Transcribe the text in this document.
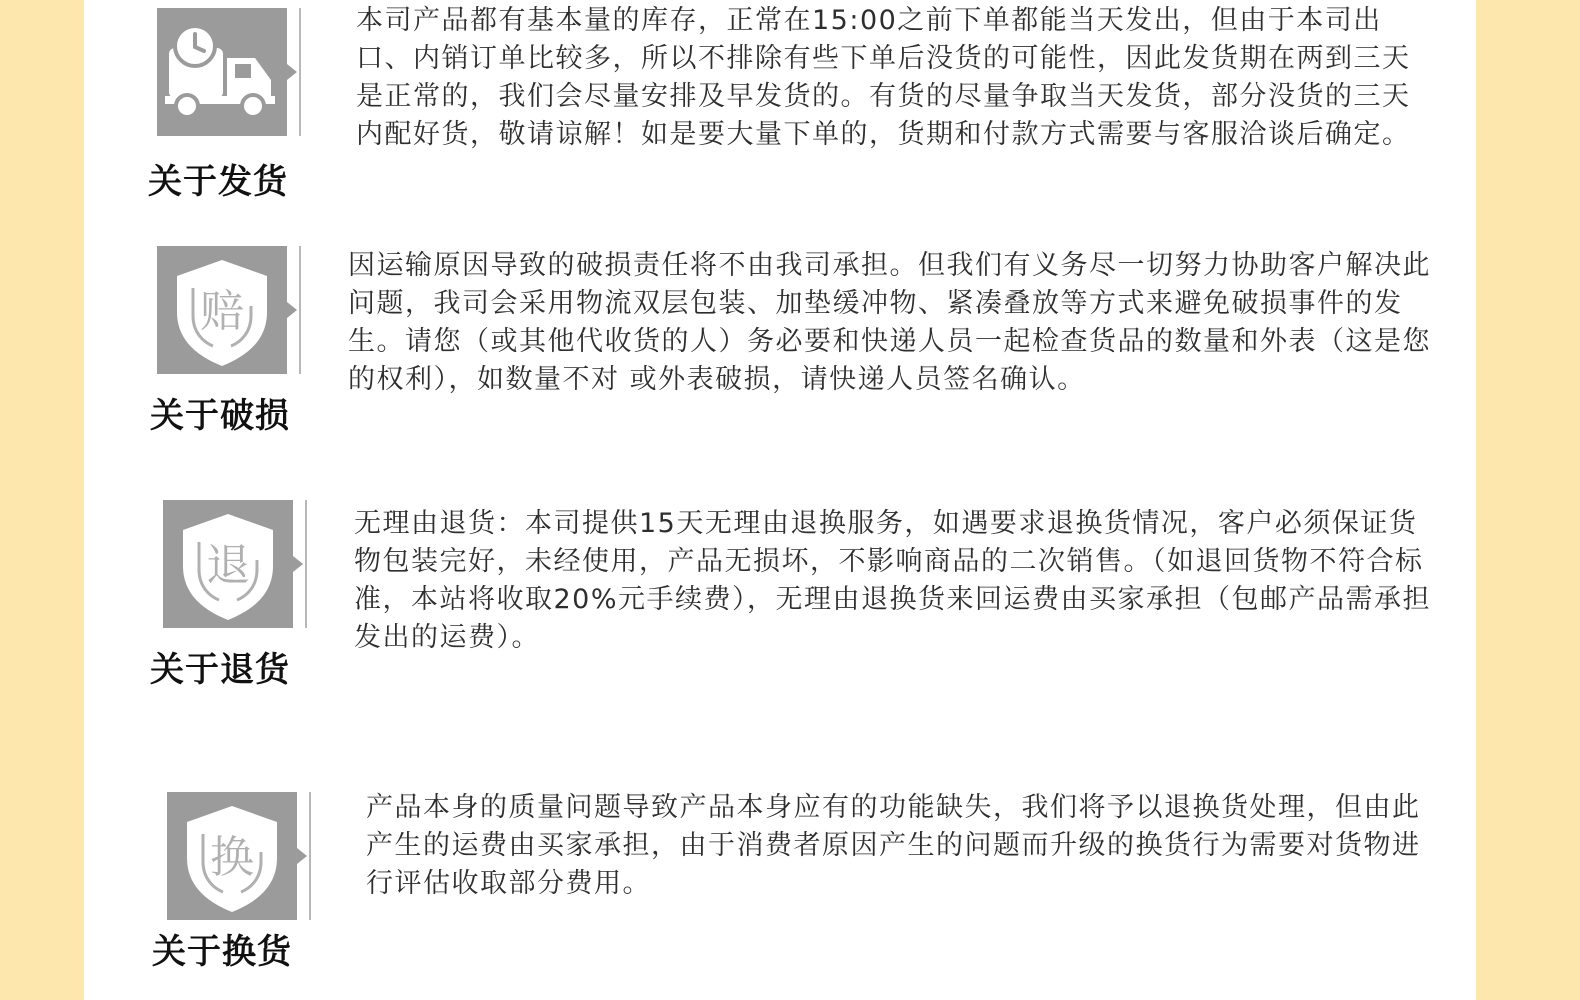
关于发货
本司产品都有基本量的库存，正常在15:00之前下单都能当天发出，但由于本司出口、内销订单比较多，所以不排除有些下单后没货的可能性，因此发货期在两到三天是正常的，我们会尽量安排及早发货的。有货的尽量争取当天发货，部分没货的三天内配好货，敬请谅解！如是要大量下单的，货期和付款方式需要与客服洽谈后确定。
赔
关于破损
因运输原因导致的破损责任将不由我司承担。但我们有义务尽一切努力协助客户解决此问题，我司会采用物流双层包装、加垫缓冲物、紧凑叠放等方式来避免破损事件的发生。请您（或其他代收货的人）务必要和快递人员一起检查货品的数量和外表（这是您的权利），如数量不对 或外表破损，请快递人员签名确认。
退
关于退货
无理由退货：本司提供15天无理由退换服务，如遇要求退换货情况，客户必须保证货物包装完好，未经使用，产品无损坏，不影响商品的二次销售。（如退回货物不符合标准，本站将收取20%元手续费），无理由退换货来回运费由买家承担（包邮产品需承担发出的运费）。
换
关于换货
产品本身的质量问题导致产品本身应有的功能缺失，我们将予以退换货处理，但由此产生的运费由买家承担，由于消费者原因产生的问题而升级的换货行为需要对货物进行评估收取部分费用。
